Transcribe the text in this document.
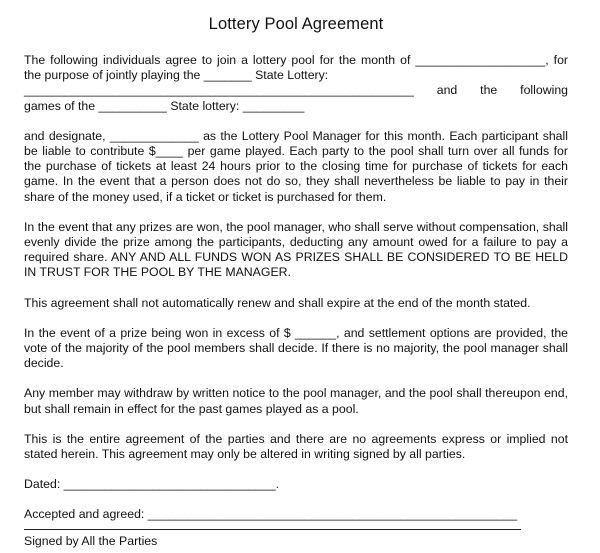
Lottery Pool Agreement
The following individuals agree to join a lottery pool for the month of ___________________, for
the purpose of jointly playing the _______ State Lottery:
_________________________________________________________ and the following
games of the __________ State lottery: _________

and designate, _____________ as the Lottery Pool Manager for this month. Each participant shall be liable to contribute $____ per game played. Each party to the pool shall turn over all funds for the purchase of tickets at least 24 hours prior to the closing time for purchase of tickets for each game. In the event that a person does not do so, they shall nevertheless be liable to pay in their share of the money used, if a ticket or ticket is purchased for them.

In the event that any prizes are won, the pool manager, who shall serve without compensation, shall evenly divide the prize among the participants, deducting any amount owed for a failure to pay a required share. ANY AND ALL FUNDS WON AS PRIZES SHALL BE CONSIDERED TO BE HELD IN TRUST FOR THE POOL BY THE MANAGER.

This agreement shall not automatically renew and shall expire at the end of the month stated.

In the event of a prize being won in excess of $ ______, and settlement options are provided, the vote of the majority of the pool members shall decide. If there is no majority, the pool manager shall decide.

Any member may withdraw by written notice to the pool manager, and the pool shall thereupon end, but shall remain in effect for the past games played as a pool.

This is the entire agreement of the parties and there are no agreements express or implied not stated herein. This agreement may only be altered in writing signed by all parties.

Dated: _______________________________.
Accepted and agreed: ______________________________________________________
Signed by All the Parties
